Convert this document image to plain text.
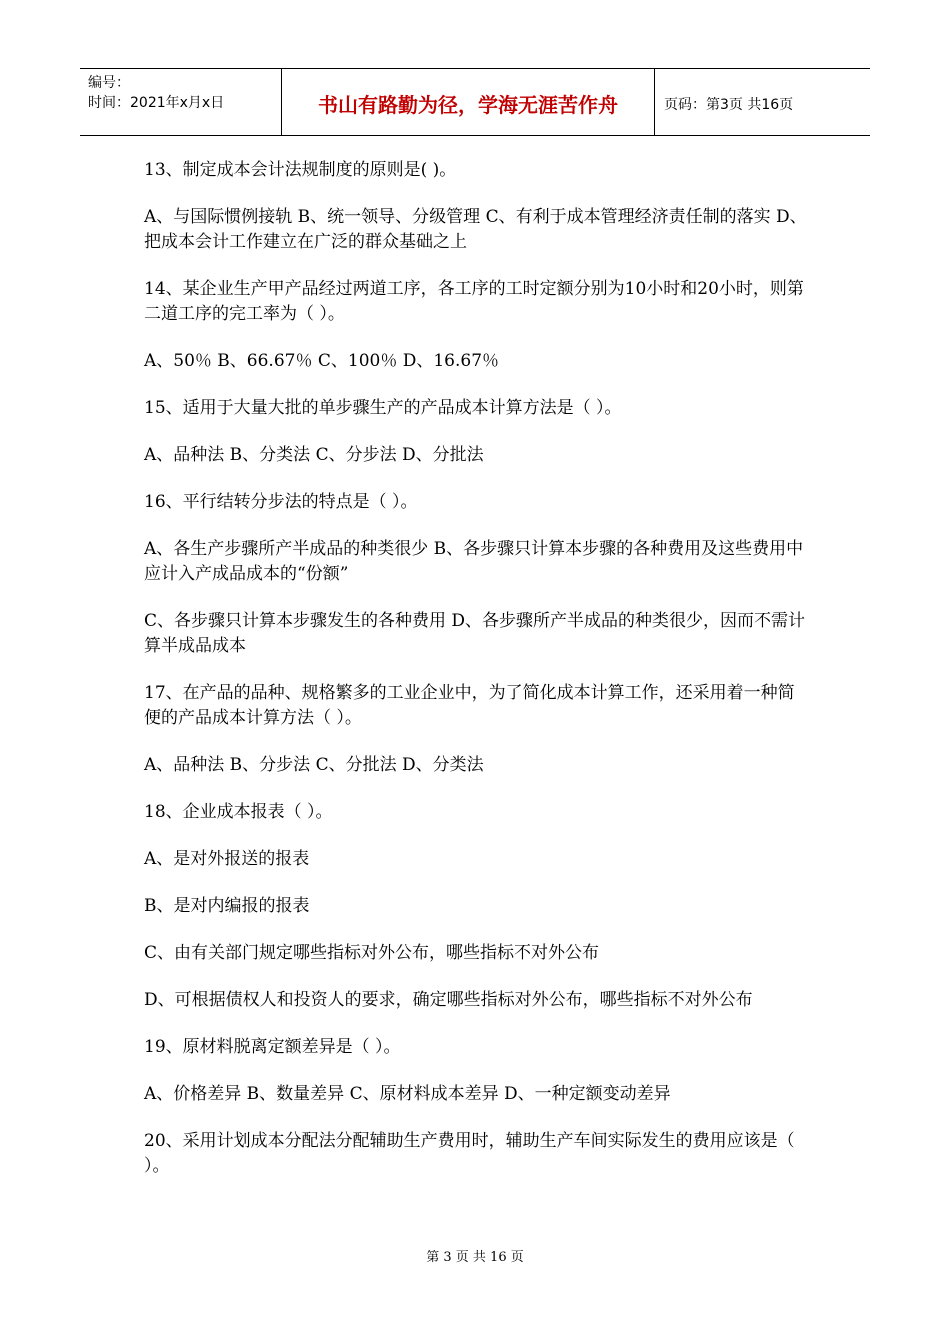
编号：
时间：2021年x月x日	书山有路勤为径，学海无涯苦作舟	页码：第3页 共16页

13、制定成本会计法规制度的原则是( )。

A、与国际惯例接轨 B、统一领导、分级管理 C、有利于成本管理经济责任制的落实 D、把成本会计工作建立在广泛的群众基础之上

14、某企业生产甲产品经过两道工序，各工序的工时定额分别为10小时和20小时，则第二道工序的完工率为（ ）。

A、50％ B、66.67％ C、100％ D、16.67％

15、适用于大量大批的单步骤生产的产品成本计算方法是（ ）。

A、品种法 B、分类法 C、分步法 D、分批法

16、平行结转分步法的特点是（ ）。

A、各生产步骤所产半成品的种类很少 B、各步骤只计算本步骤的各种费用及这些费用中应计入产成品成本的“份额”

C、各步骤只计算本步骤发生的各种费用 D、各步骤所产半成品的种类很少，因而不需计算半成品成本

17、在产品的品种、规格繁多的工业企业中，为了简化成本计算工作，还采用着一种简便的产品成本计算方法（ ）。

A、品种法 B、分步法 C、分批法 D、分类法

18、企业成本报表（ ）。

A、是对外报送的报表

B、是对内编报的报表

C、由有关部门规定哪些指标对外公布，哪些指标不对外公布

D、可根据债权人和投资人的要求，确定哪些指标对外公布，哪些指标不对外公布

19、原材料脱离定额差异是（ ）。

A、价格差异 B、数量差异 C、原材料成本差异 D、一种定额变动差异

20、采用计划成本分配法分配辅助生产费用时，辅助生产车间实际发生的费用应该是（ ）。

第 3 页 共 16 页
